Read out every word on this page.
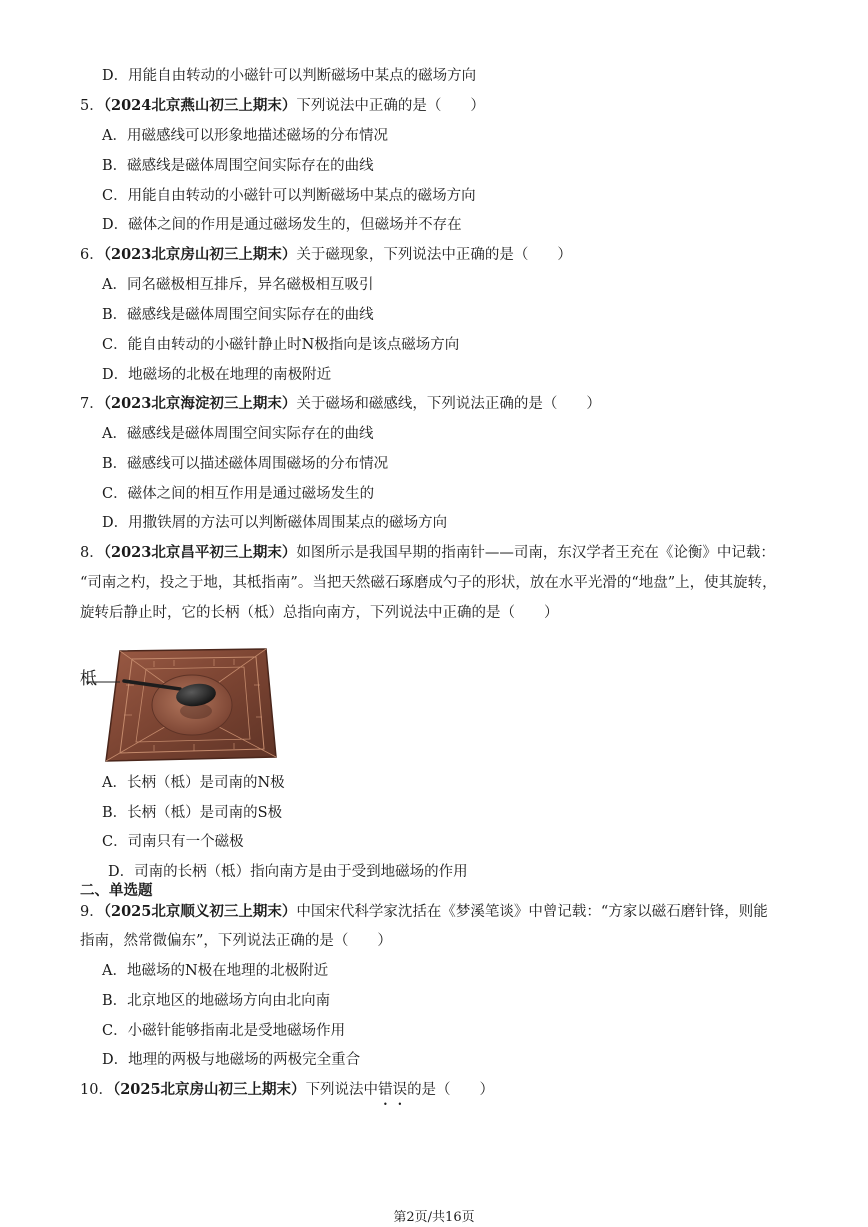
D．用能自由转动的小磁针可以判断磁场中某点的磁场方向
5．（2024北京燕山初三上期末）下列说法中正确的是（　　）
A．用磁感线可以形象地描述磁场的分布情况
B．磁感线是磁体周围空间实际存在的曲线
C．用能自由转动的小磁针可以判断磁场中某点的磁场方向
D．磁体之间的作用是通过磁场发生的，但磁场并不存在
6．（2023北京房山初三上期末）关于磁现象，下列说法中正确的是（　　）
A．同名磁极相互排斥，异名磁极相互吸引
B．磁感线是磁体周围空间实际存在的曲线
C．能自由转动的小磁针静止时N极指向是该点磁场方向
D．地磁场的北极在地理的南极附近
7．（2023北京海淀初三上期末）关于磁场和磁感线，下列说法正确的是（　　）
A．磁感线是磁体周围空间实际存在的曲线
B．磁感线可以描述磁体周围磁场的分布情况
C．磁体之间的相互作用是通过磁场发生的
D．用撒铁屑的方法可以判断磁体周围某点的磁场方向
8．（2023北京昌平初三上期末）如图所示是我国早期的指南针——司南，东汉学者王充在《论衡》中记载：
“司南之杓，投之于地，其柢指南”。当把天然磁石琢磨成勺子的形状，放在水平光滑的“地盘”上，使其旋转，
旋转后静止时，它的长柄（柢）总指向南方，下列说法中正确的是（　　）
柢
A．长柄（柢）是司南的N极
B．长柄（柢）是司南的S极
C．司南只有一个磁极
D．司南的长柄（柢）指向南方是由于受到地磁场的作用
二、单选题
9．（2025北京顺义初三上期末）中国宋代科学家沈括在《梦溪笔谈》中曾记载：“方家以磁石磨针锋，则能
指南，然常微偏东”，下列说法正确的是（　　）
A．地磁场的N极在地理的北极附近
B．北京地区的地磁场方向由北向南
C．小磁针能够指南北是受地磁场作用
D．地理的两极与地磁场的两极完全重合
10．（2025北京房山初三上期末）下列说法中错误的是（　　）
第2页/共16页
